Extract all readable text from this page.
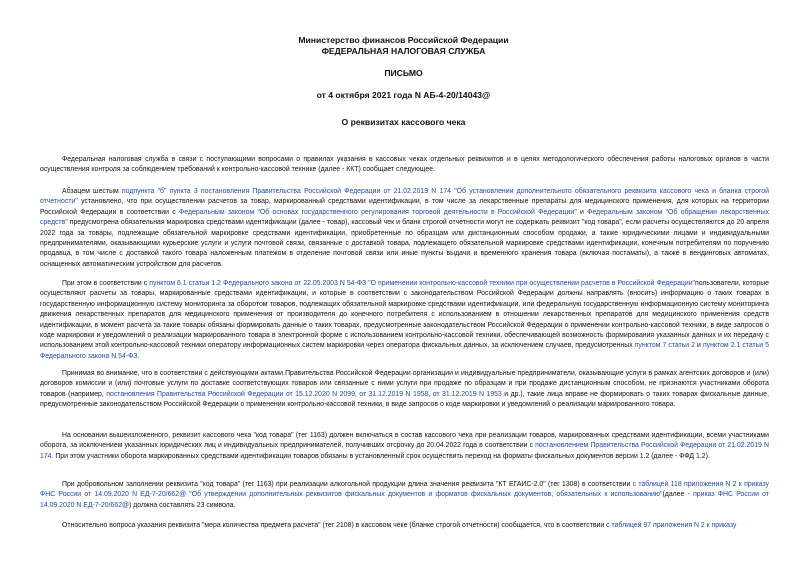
Министерство финансов Российской Федерации
ФЕДЕРАЛЬНАЯ НАЛОГОВАЯ СЛУЖБА
ПИСЬМО
от 4 октября 2021 года N АБ-4-20/14043@
О реквизитах кассового чека

Федеральная налоговая служба в связи с поступающими вопросами о правилах указания в кассовых чеках отдельных реквизитов и в целях методологического обеспечения работы налоговых органов в части осуществления контроля за соблюдением требований к контрольно-кассовой технике (далее - ККТ) сообщает следующее.

Абзацем шестым подпункта "б" пункта 3 постановления Правительства Российской Федерации от 21.02.2019 N 174 "Об установлении дополнительного обязательного реквизита кассового чека и бланка строгой отчетности" установлено, что при осуществлении расчетов за товар, маркированный средствами идентификации, в том числе за лекарственные препараты для медицинского применения, для которых на территории Российской Федерации в соответствии с Федеральным законом "Об основах государственного регулирования торговой деятельности в Российской Федерации" и Федеральным законом "Об обращении лекарственных средств" предусмотрена обязательная маркировка средствами идентификации (далее - товар), кассовый чек и бланк строгой отчетности могут не содержать реквизит "код товара", если расчеты осуществляются до 20 апреля 2022 года за товары, подлежащие обязательной маркировке средствами идентификации, приобретенные по образцам или дистанционным способом продажи, а также юридическими лицами и индивидуальными предпринимателями, оказывающими курьерские услуги и услуги почтовой связи, связанные с доставкой товара, подлежащего обязательной маркировке средствами идентификации, конечным потребителям по поручению продавца, в том числе с доставкой такого товара наложенным платежом в отделение почтовой связи или иные пункты выдачи и временного хранения товара (включая постаматы), а также в вендинговых автоматах, оснащенных автоматическим устройством для расчетов.

При этом в соответствии с пунктом 6.1 статьи 1.2 Федерального закона от 22.05.2003 N 54-ФЗ "О применении контрольно-кассовой техники при осуществлении расчетов в Российской Федерации"пользователи, которые осуществляют расчеты за товары, маркированные средствами идентификации, и которые в соответствии с законодательством Российской Федерации должны направлять (вносить) информацию о таких товарах в государственную информационную систему мониторинга за оборотом товаров, подлежащих обязательной маркировке средствами идентификации, или федеральную государственную информационную систему мониторинга движения лекарственных препаратов для медицинского применения от производителя до конечного потребителя с использованием в отношении лекарственных препаратов для медицинского применения средств идентификации, в момент расчета за такие товары обязаны формировать данные о таких товарах, предусмотренные законодательством Российской Федерации о применении контрольно-кассовой техники, в виде запросов о коде маркировки и уведомлений о реализации маркированного товара в электронной форме с использованием контрольно-кассовой техники, обеспечивающей возможность формирования указанных данных и их передачу с использованием этой контрольно-кассовой техники оператору информационных систем маркировки через оператора фискальных данных, за исключением случаев, предусмотренных пунктом 7 статьи 2 и пунктом 2.1 статьи 5 Федерального закона N 54-ФЗ.

Принимая во внимание, что в соответствии с действующими актами Правительства Российской Федерации организации и индивидуальные предприниматели, оказывающие услуги в рамках агентских договоров и (или) договоров комиссии и (или) почтовые услуги по доставке соответствующих товаров или связанные с ними услуги при продаже по образцам и при продаже дистанционным способом, не признаются участниками оборота товаров (например, постановления Правительства Российской Федерации от 15.12.2020 N 2099, от 31.12.2019 N 1958, от 31.12.2019 N 1953 и др.), такие лица вправе не формировать о таких товарах фискальные данные, предусмотренные законодательством Российской Федерации о применении контрольно-кассовой техники, в виде запросов о коде маркировки и уведомлений о реализации маркированного товара.

На основании вышеизложенного, реквизит кассового чека "код товара" (тег 1163) должен включаться в состав кассового чека при реализации товаров, маркированных средствами идентификации, всеми участниками оборота, за исключением указанных юридических лиц и индивидуальных предпринимателей, получивших отсрочку до 20.04.2022 года в соответствии с постановлением Правительства Российской Федерации от 21.02.2019 N 174. При этом участники оборота маркированных средствами идентификации товаров обязаны в установленный срок осуществить переход на форматы фискальных документов версии 1.2 (далее - ФФД 1.2).

При добровольном заполнении реквизита "код товара" (тег 1163) при реализации алкогольной продукции длина значения реквизита "КТ ЕГАИС-2.0" (тег 1308) в соответствии с таблицей 118 приложения N 2 к приказу ФНС России от 14.09.2020 N ЕД-7-20/662@ "Об утверждении дополнительных реквизитов фискальных документов и форматов фискальных документов, обязательных к использованию"(далее - приказ ФНС России от 14.09.2020 N ЕД-7-20/662@) должна составлять 23 символа.

Относительно вопроса указания реквизита "мера количества предмета расчета" (тег 2108) в кассовом чеке (бланке строгой отчетности) сообщается, что в соответствии с таблицей 97 приложения N 2 к приказу
